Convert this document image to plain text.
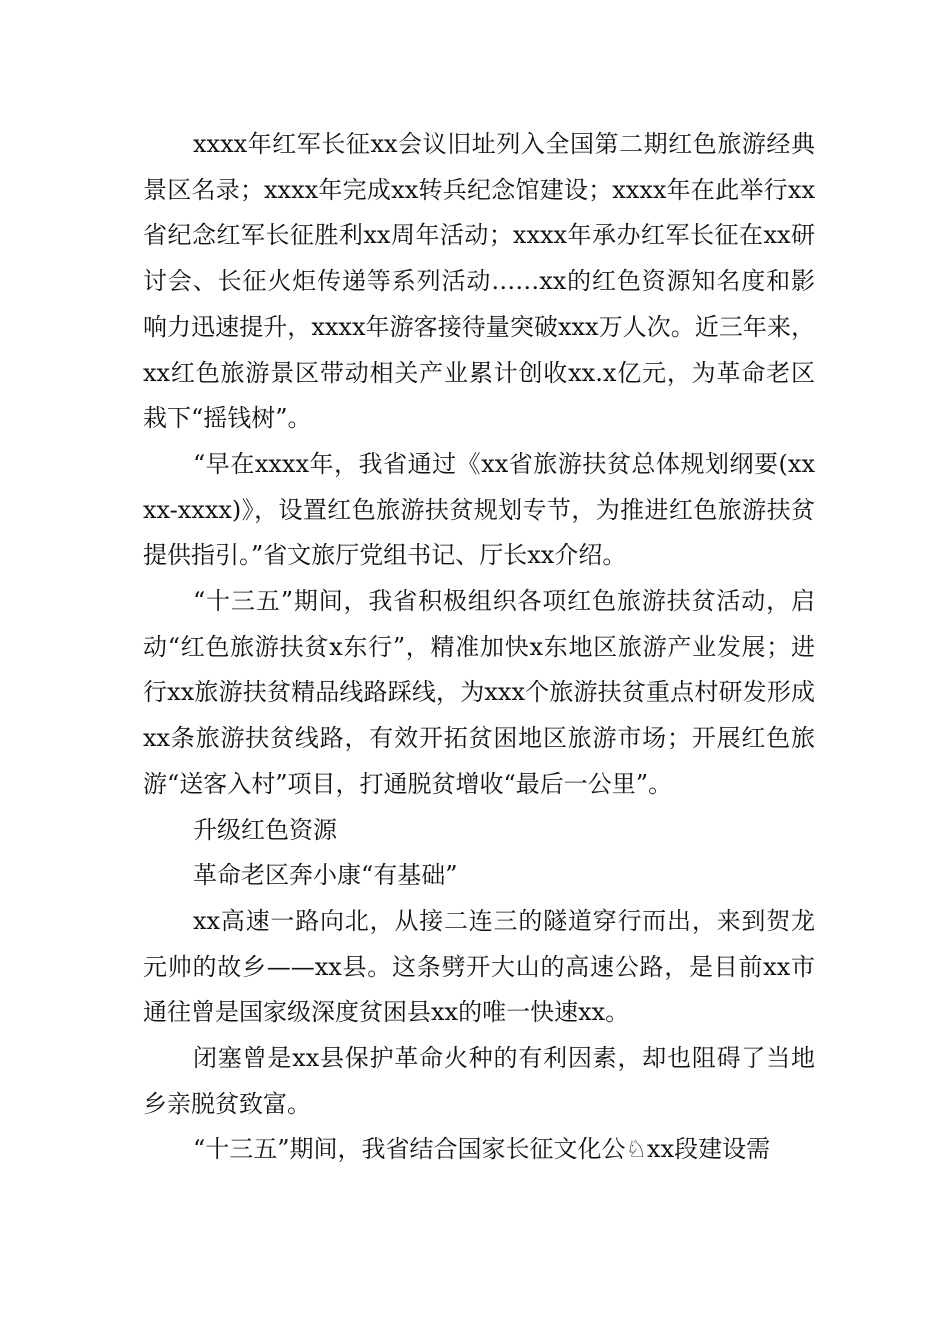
xxxx年红军长征xx会议旧址列入全国第二期红色旅游经典景区名录；xxxx年完成xx转兵纪念馆建设；xxxx年在此举行xx省纪念红军长征胜利xx周年活动；xxxx年承办红军长征在xx研讨会、长征火炬传递等系列活动……xx的红色资源知名度和影响力迅速提升，xxxx年游客接待量突破xxx万人次。近三年来，xx红色旅游景区带动相关产业累计创收xx.x亿元，为革命老区栽下“摇钱树”。

“早在xxxx年，我省通过《xx省旅游扶贫总体规划纲要(xxxx-xxxx)》，设置红色旅游扶贫规划专节，为推进红色旅游扶贫提供指引。”省文旅厅党组书记、厅长xx介绍。

“十三五”期间，我省积极组织各项红色旅游扶贫活动，启动“红色旅游扶贫x东行”，精准加快x东地区旅游产业发展；进行xx旅游扶贫精品线路踩线，为xxx个旅游扶贫重点村研发形成xx条旅游扶贫线路，有效开拓贫困地区旅游市场；开展红色旅游“送客入村”项目，打通脱贫增收“最后一公里”。

升级红色资源

革命老区奔小康“有基础”

xx高速一路向北，从接二连三的隧道穿行而出，来到贺龙元帅的故乡——xx县。这条劈开大山的高速公路，是目前xx市通往曾是国家级深度贫困县xx的唯一快速xx。

闭塞曾是xx县保护革命火种的有利因素，却也阻碍了当地乡亲脱贫致富。

“十三五”期间，我省结合国家长征文化公♘xx段建设需
